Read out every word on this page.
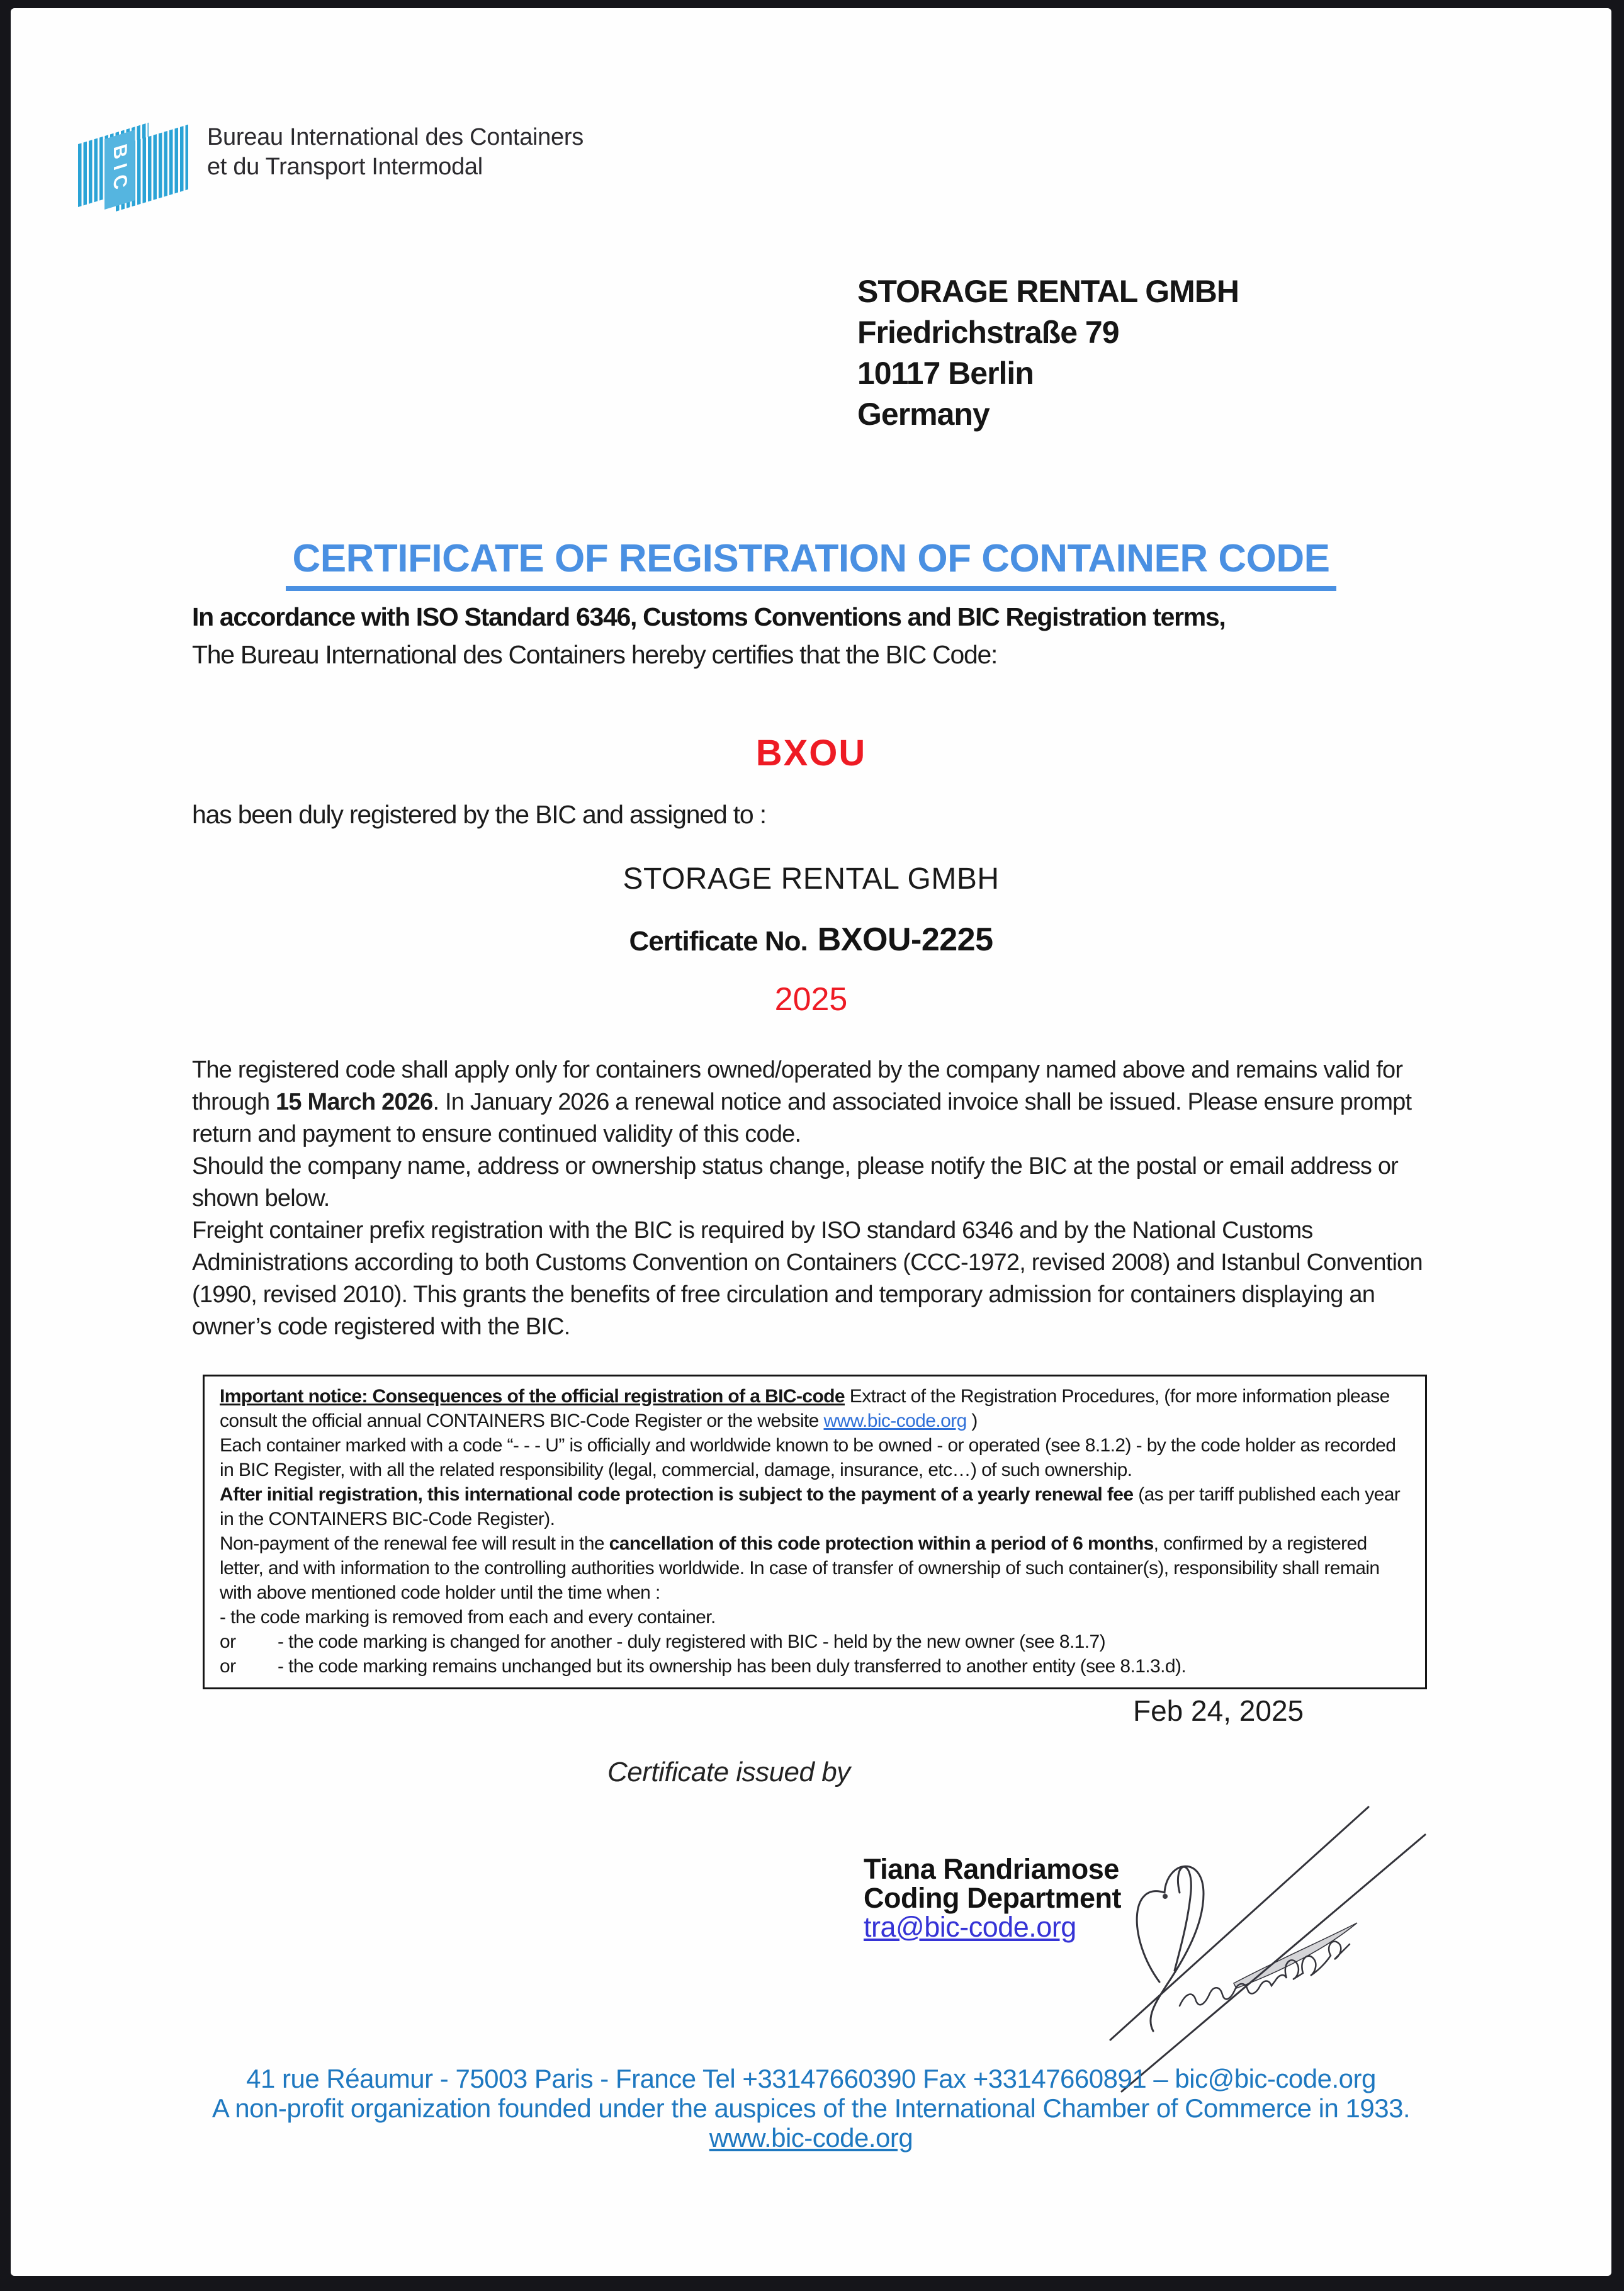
BIC
Bureau International des Containers
et du Transport Intermodal
STORAGE RENTAL GMBH
Friedrichstraße 79
10117 Berlin
Germany
CERTIFICATE OF REGISTRATION OF CONTAINER CODE
In accordance with ISO Standard 6346, Customs Conventions and BIC Registration terms,
The Bureau International des Containers hereby certifies that the BIC Code:
BXOU
has been duly registered by the BIC and assigned to :
STORAGE RENTAL GMBH
Certificate No. BXOU-2225
2025

The registered code shall apply only for containers owned/operated by the company named above and remains valid for through 15 March 2026. In January 2026 a renewal notice and associated invoice shall be issued. Please ensure prompt return and payment to ensure continued validity of this code.

Should the company name, address or ownership status change, please notify the BIC at the postal or email address or shown below.

Freight container prefix registration with the BIC is required by ISO standard 6346 and by the National Customs Administrations according to both Customs Convention on Containers (CCC-1972, revised 2008) and Istanbul Convention (1990, revised 2010). This grants the benefits of free circulation and temporary admission for containers displaying an owner’s code registered with the BIC.

Important notice: Consequences of the official registration of a BIC-code Extract of the Registration Procedures, (for more information please consult the official annual CONTAINERS BIC-Code Register or the website www.bic-code.org )

Each container marked with a code “- - - U” is officially and worldwide known to be owned - or operated (see 8.1.2) - by the code holder as recorded in BIC Register, with all the related responsibility (legal, commercial, damage, insurance, etc…) of such ownership.

After initial registration, this international code protection is subject to the payment of a yearly renewal fee (as per tariff published each year in the CONTAINERS BIC-Code Register).

Non-payment of the renewal fee will result in the cancellation of this code protection within a period of 6 months, confirmed by a registered letter, and with information to the controlling authorities worldwide. In case of transfer of ownership of such container(s), responsibility shall remain with above mentioned code holder until the time when :

- the code marking is removed from each and every container.

or - the code marking is changed for another - duly registered with BIC - held by the new owner (see 8.1.7)

or - the code marking remains unchanged but its ownership has been duly transferred to another entity (see 8.1.3.d).

Feb 24, 2025
Certificate issued by
Tiana Randriamose
Coding Department
tra@bic-code.org
41 rue Réaumur - 75003 Paris - France Tel +33147660390 Fax +33147660891 – bic@bic-code.org
A non-profit organization founded under the auspices of the International Chamber of Commerce in 1933.
www.bic-code.org
